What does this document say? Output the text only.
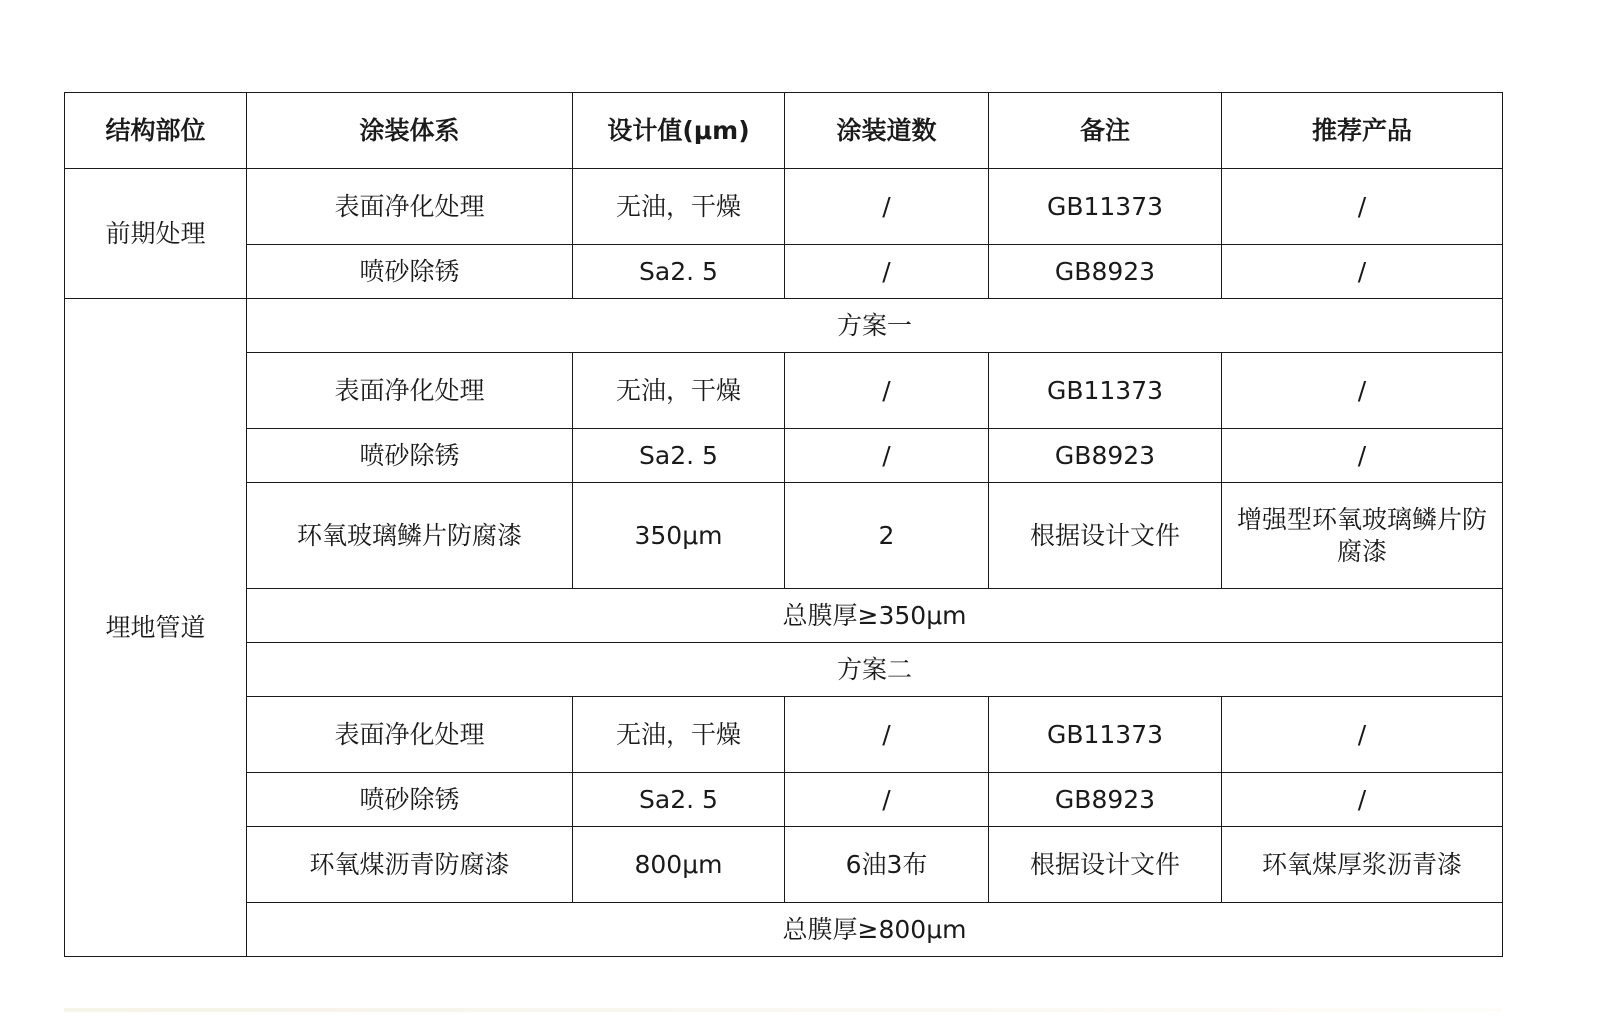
结构部位	涂装体系	设计值(μm)	涂装道数	备注	推荐产品
前期处理	表面净化处理	无油，干燥	/	GB11373	/
	喷砂除锈	Sa2. 5	/	GB8923	/
埋地管道	方案一				
	表面净化处理	无油，干燥	/	GB11373	/
	喷砂除锈	Sa2. 5	/	GB8923	/
	环氧玻璃鳞片防腐漆	350μm	2	根据设计文件	增强型环氧玻璃鳞片防腐漆
	总膜厚≥350μm				
	方案二				
	表面净化处理	无油，干燥	/	GB11373	/
	喷砂除锈	Sa2. 5	/	GB8923	/
	环氧煤沥青防腐漆	800μm	6油3布	根据设计文件	环氧煤厚浆沥青漆
	总膜厚≥800μm				
